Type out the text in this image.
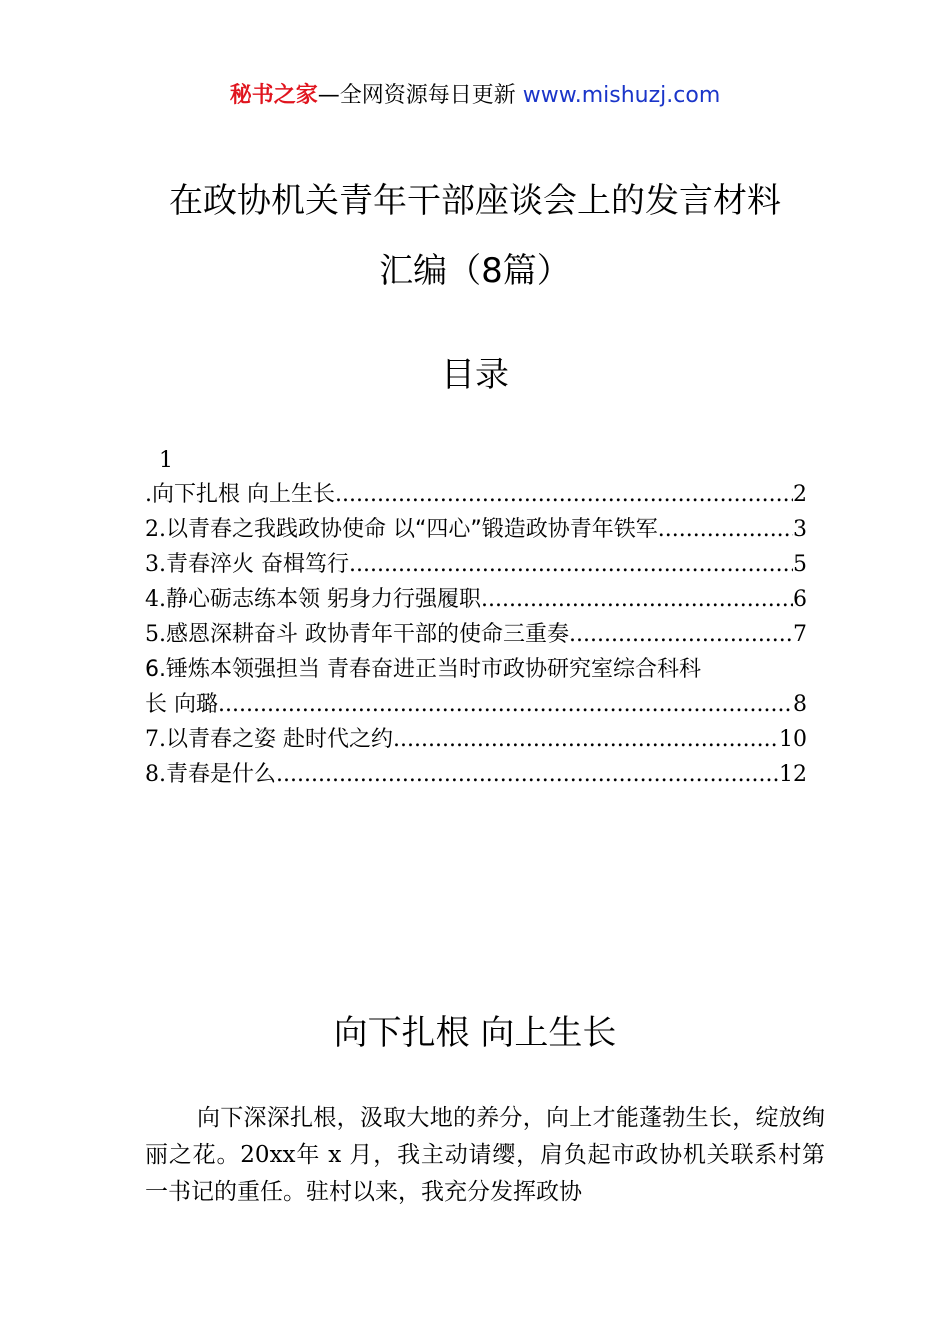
秘书之家—全网资源每日更新 www.mishuzj.com
在政协机关青年干部座谈会上的发言材料
汇编（8篇）
目录
1
.向下扎根 向上生长 .....	2
2.以青春之我践政协使命 以“四心”锻造政协青年铁军 .....	3
3.青春淬火 奋楫笃行 .....	5
4.静心砺志练本领 躬身力行强履职 .....	6
5.感恩深耕奋斗 政协青年干部的使命三重奏 .....	7
6.锤炼本领强担当 青春奋进正当时市政协研究室综合科科
长 向璐 .....	8
7.以青春之姿 赴时代之约 .....	10
8.青春是什么 .....	12
向下扎根 向上生长
向下深深扎根，汲取大地的养分，向上才能蓬勃生长，绽放绚丽之花。20xx年 x 月，我主动请缨，肩负起市政协机关联系村第一书记的重任。驻村以来，我充分发挥政协
